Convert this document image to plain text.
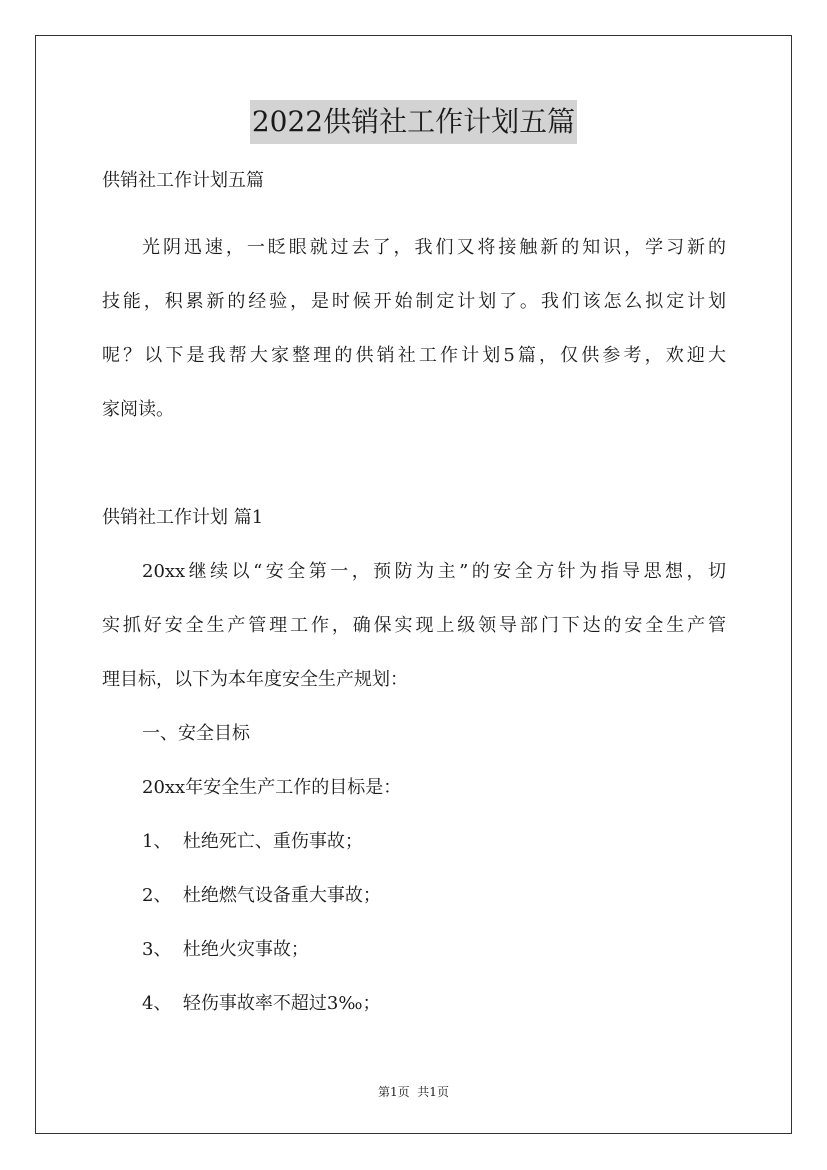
2022供销社工作计划五篇
供销社工作计划五篇
光阴迅速，一眨眼就过去了，我们又将接触新的知识，学习新的
技能，积累新的经验，是时候开始制定计划了。我们该怎么拟定计划
呢？以下是我帮大家整理的供销社工作计划5篇，仅供参考，欢迎大
家阅读。
供销社工作计划 篇1
20xx继续以“安全第一，预防为主”的安全方针为指导思想，切
实抓好安全生产管理工作，确保实现上级领导部门下达的安全生产管
理目标，以下为本年度安全生产规划：
一、安全目标
20xx年安全生产工作的目标是：
1、  杜绝死亡、重伤事故；
2、  杜绝燃气设备重大事故；
3、  杜绝火灾事故；
4、  轻伤事故率不超过3‰；
第1页  共1页
